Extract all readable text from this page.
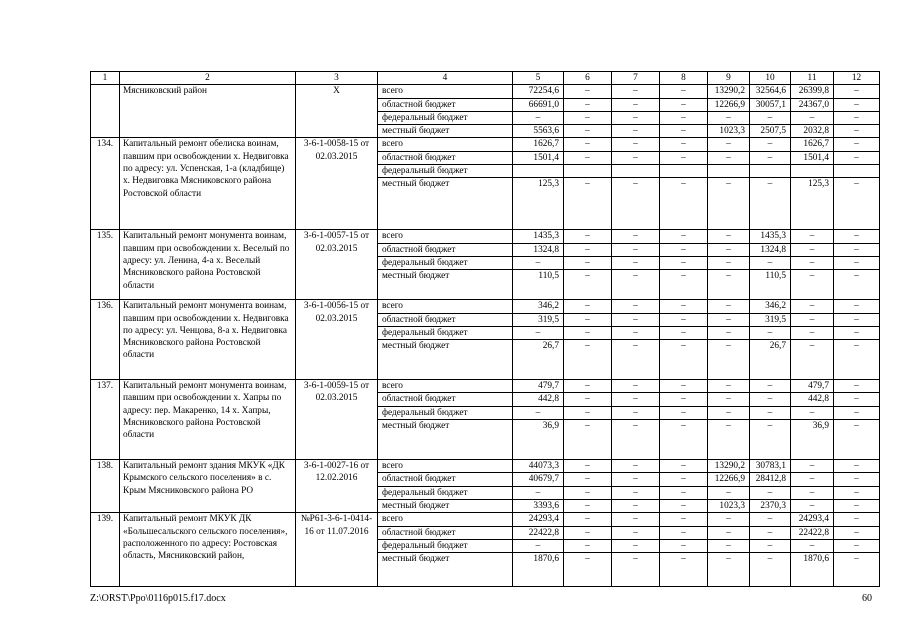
1	2	3	4	5	6	7	8	9	10	11	12
	Мясниковский район	Х	всего	72254,6	–	–	–	13290,2	32564,6	26399,8	–
			областной бюджет	66691,0	–	–	–	12266,9	30057,1	24367,0	–
			федеральный бюджет	–	–	–	–	–	–	–	–
			местный бюджет	5563,6	–	–	–	1023,3	2507,5	2032,8	–
134.	Капитальный ремонт обелиска воинам, павшим при освобождении х. Недвиговка по адресу: ул. Успенская, 1-а (кладбище) х. Недвиговка Мясниковского района Ростовской области	3-6-1-0058-15 от 02.03.2015	всего	1626,7	–	–	–	–	–	1626,7	–
			областной бюджет	1501,4	–	–	–	–	–	1501,4	–
			федеральный бюджет								
			местный бюджет	125,3	–	–	–	–	–	125,3	–
135.	Капитальный ремонт монумента воинам, павшим при освобождении х. Веселый по адресу: ул. Ленина, 4-а х. Веселый Мясниковского района Ростовской области	3-6-1-0057-15 от 02.03.2015	всего	1435,3	–	–	–	–	1435,3	–	–
			областной бюджет	1324,8	–	–	–	–	1324,8	–	–
			федеральный бюджет	–	–	–	–	–	–	–	–
			местный бюджет	110,5	–	–	–	–	110,5	–	–
136.	Капитальный ремонт монумента воинам, павшим при освобождении х. Недвиговка по адресу: ул. Ченцова, 8-а х. Недвиговка Мясниковского района Ростовской области	3-6-1-0056-15 от 02.03.2015	всего	346,2	–	–	–	–	346,2	–	–
			областной бюджет	319,5	–	–	–	–	319,5	–	–
			федеральный бюджет	–	–	–	–	–	–	–	–
			местный бюджет	26,7	–	–	–	–	26,7	–	–
137.	Капитальный ремонт монумента воинам, павшим при освобождении х. Хапры по адресу: пер. Макаренко, 14 х. Хапры, Мясниковского района Ростовской области	3-6-1-0059-15 от 02.03.2015	всего	479,7	–	–	–	–	–	479,7	–
			областной бюджет	442,8	–	–	–	–	–	442,8	–
			федеральный бюджет	–	–	–	–	–	–	–	–
			местный бюджет	36,9	–	–	–	–	–	36,9	–
138.	Капитальный ремонт здания МКУК «ДК Крымского сельского поселения» в с. Крым Мясниковского района РО	3-6-1-0027-16 от 12.02.2016	всего	44073,3	–	–	–	13290,2	30783,1	–	–
			областной бюджет	40679,7	–	–	–	12266,9	28412,8	–	–
			федеральный бюджет	–	–	–	–	–	–	–	–
			местный бюджет	3393,6	–	–	–	1023,3	2370,3	–	–
139.	Капитальный ремонт МКУК ДК «Большесальского сельского поселения», расположенного по адресу: Ростовская область, Мясниковский район,	№Р61-3-6-1-0414-16 от 11.07.2016	всего	24293,4	–	–	–	–	–	24293,4	–
			областной бюджет	22422,8	–	–	–	–	–	22422,8	–
			федеральный бюджет	–	–	–	–	–	–	–	–
			местный бюджет	1870,6	–	–	–	–	–	1870,6	–
Z:\ORST\Ppo\0116p015.f17.docx	60
